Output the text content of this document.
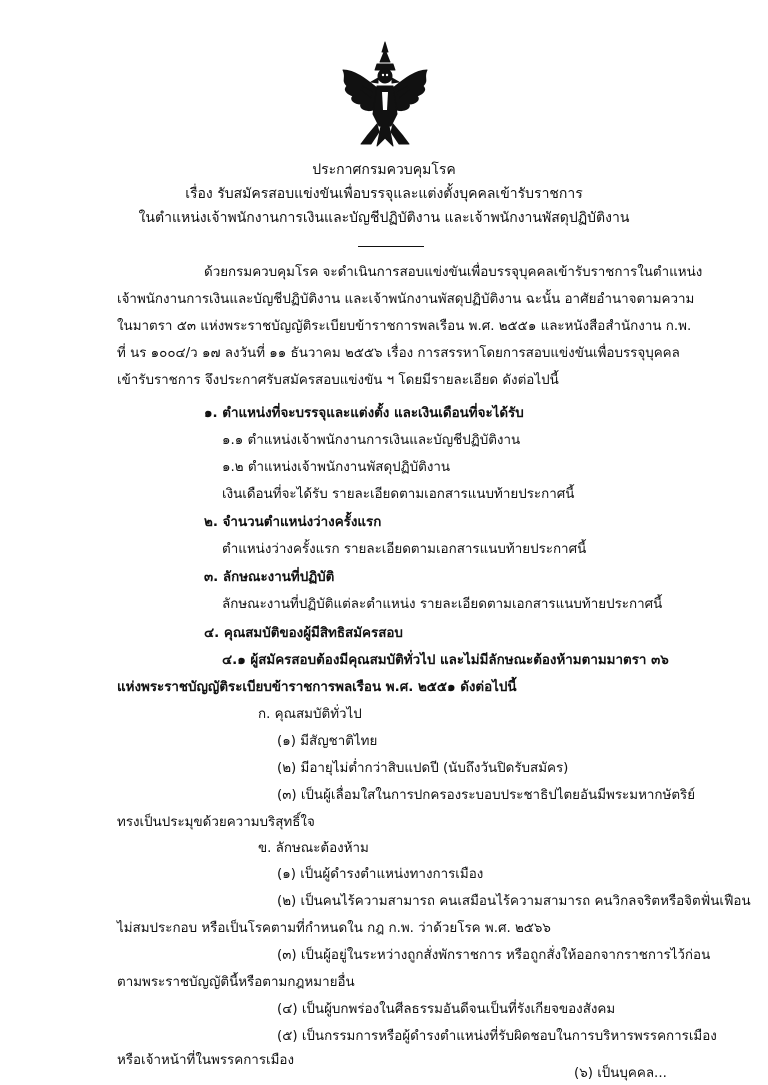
ประกาศกรมควบคุมโรค
เรื่อง รับสมัครสอบแข่งขันเพื่อบรรจุและแต่งตั้งบุคคลเข้ารับราชการ
ในตำแหน่งเจ้าพนักงานการเงินและบัญชีปฏิบัติงาน และเจ้าพนักงานพัสดุปฏิบัติงาน
ด้วยกรมควบคุมโรค จะดำเนินการสอบแข่งขันเพื่อบรรจุบุคคลเข้ารับราชการในตำแหน่ง
เจ้าพนักงานการเงินและบัญชีปฏิบัติงาน และเจ้าพนักงานพัสดุปฏิบัติงาน ฉะนั้น อาศัยอำนาจตามความ
ในมาตรา ๕๓ แห่งพระราชบัญญัติระเบียบข้าราชการพลเรือน พ.ศ. ๒๕๕๑ และหนังสือสำนักงาน ก.พ.
ที่ นร ๑๐๐๔/ว ๑๗ ลงวันที่ ๑๑ ธันวาคม ๒๕๕๖ เรื่อง การสรรหาโดยการสอบแข่งขันเพื่อบรรจุบุคคล
เข้ารับราชการ จึงประกาศรับสมัครสอบแข่งขัน ฯ โดยมีรายละเอียด ดังต่อไปนี้
๑. ตำแหน่งที่จะบรรจุและแต่งตั้ง และเงินเดือนที่จะได้รับ
๑.๑ ตำแหน่งเจ้าพนักงานการเงินและบัญชีปฏิบัติงาน
๑.๒ ตำแหน่งเจ้าพนักงานพัสดุปฏิบัติงาน
เงินเดือนที่จะได้รับ รายละเอียดตามเอกสารแนบท้ายประกาศนี้
๒. จำนวนตำแหน่งว่างครั้งแรก
ตำแหน่งว่างครั้งแรก รายละเอียดตามเอกสารแนบท้ายประกาศนี้
๓. ลักษณะงานที่ปฏิบัติ
ลักษณะงานที่ปฏิบัติแต่ละตำแหน่ง รายละเอียดตามเอกสารแนบท้ายประกาศนี้
๔. คุณสมบัติของผู้มีสิทธิสมัครสอบ
๔.๑ ผู้สมัครสอบต้องมีคุณสมบัติทั่วไป และไม่มีลักษณะต้องห้ามตามมาตรา ๓๖
แห่งพระราชบัญญัติระเบียบข้าราชการพลเรือน พ.ศ. ๒๕๕๑ ดังต่อไปนี้
ก. คุณสมบัติทั่วไป
(๑) มีสัญชาติไทย
(๒) มีอายุไม่ต่ำกว่าสิบแปดปี (นับถึงวันปิดรับสมัคร)
(๓) เป็นผู้เลื่อมใสในการปกครองระบอบประชาธิปไตยอันมีพระมหากษัตริย์
ทรงเป็นประมุขด้วยความบริสุทธิ์ใจ
ข. ลักษณะต้องห้าม
(๑) เป็นผู้ดำรงตำแหน่งทางการเมือง
(๒) เป็นคนไร้ความสามารถ คนเสมือนไร้ความสามารถ คนวิกลจริตหรือจิตฟั่นเฟือน
ไม่สมประกอบ หรือเป็นโรคตามที่กำหนดใน กฎ ก.พ. ว่าด้วยโรค พ.ศ. ๒๕๖๖
(๓) เป็นผู้อยู่ในระหว่างถูกสั่งพักราชการ หรือถูกสั่งให้ออกจากราชการไว้ก่อน
ตามพระราชบัญญัตินี้หรือตามกฎหมายอื่น
(๔) เป็นผู้บกพร่องในศีลธรรมอันดีจนเป็นที่รังเกียจของสังคม
(๕) เป็นกรรมการหรือผู้ดำรงตำแหน่งที่รับผิดชอบในการบริหารพรรคการเมือง
หรือเจ้าหน้าที่ในพรรคการเมือง
(๖) เป็นบุคคล...
